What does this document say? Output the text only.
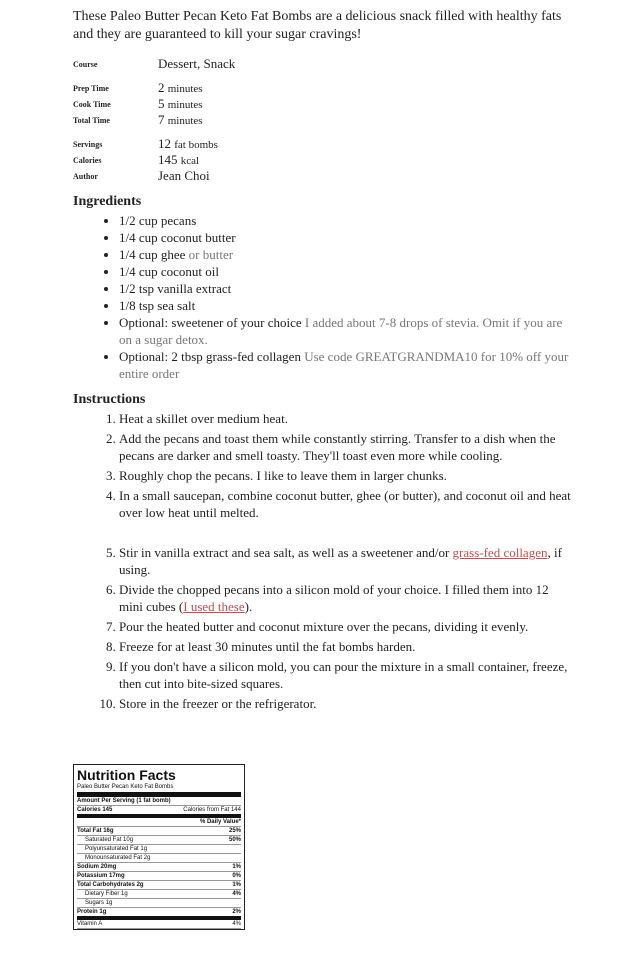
These Paleo Butter Pecan Keto Fat Bombs are a delicious snack filled with healthy fats and they are guaranteed to kill your sugar cravings!

Course	Dessert, Snack

Prep Time	2 minutes
Cook Time	5 minutes
Total Time	7 minutes

Servings	12 fat bombs
Calories	145 kcal
Author	Jean Choi
Ingredients
• 1/2 cup pecans
• 1/4 cup coconut butter
• 1/4 cup ghee or butter
• 1/4 cup coconut oil
• 1/2 tsp vanilla extract
• 1/8 tsp sea salt
• Optional: sweetener of your choice I added about 7-8 drops of stevia. Omit if you are on a sugar detox.
• Optional: 2 tbsp grass-fed collagen Use code GREATGRANDMA10 for 10% off your entire order
Instructions
1. Heat a skillet over medium heat.
2. Add the pecans and toast them while constantly stirring. Transfer to a dish when the pecans are darker and smell toasty. They'll toast even more while cooling.
3. Roughly chop the pecans. I like to leave them in larger chunks.
4. In a small saucepan, combine coconut butter, ghee (or butter), and coconut oil and heat over low heat until melted.
5. Stir in vanilla extract and sea salt, as well as a sweetener and/or grass-fed collagen, if using.
6. Divide the chopped pecans into a silicon mold of your choice. I filled them into 12 mini cubes (I used these).
7. Pour the heated butter and coconut mixture over the pecans, dividing it evenly.
8. Freeze for at least 30 minutes until the fat bombs harden.
9. If you don't have a silicon mold, you can pour the mixture in a small container, freeze, then cut into bite-sized squares.
10. Store in the freezer or the refrigerator.
Nutrition Facts
Paleo Butter Pecan Keto Fat Bombs
Amount Per Serving (1 fat bomb)
Calories 145	Calories from Fat 144
% Daily Value*
Total Fat 16g	25%
Saturated Fat 10g	50%
Polyunsaturated Fat 1g
Monounsaturated Fat 2g
Sodium 20mg	1%
Potassium 17mg	0%
Total Carbohydrates 2g	1%
Dietary Fiber 1g	4%
Sugars 1g
Protein 1g	2%
Vitamin A	4%
